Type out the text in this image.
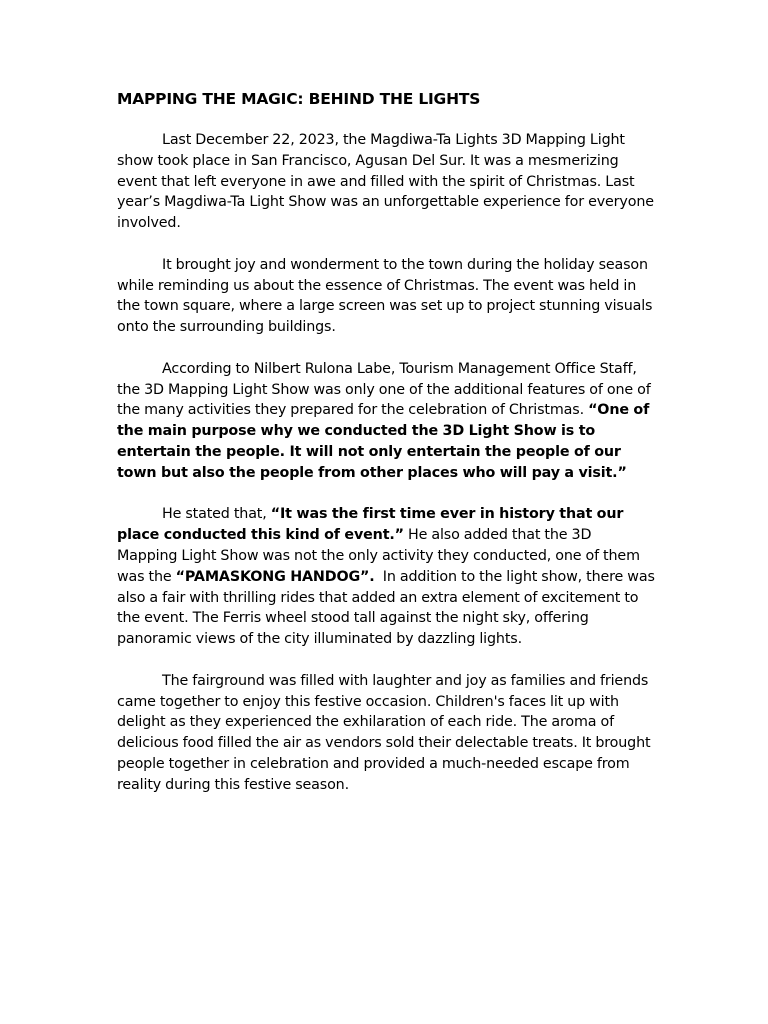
MAPPING THE MAGIC: BEHIND THE LIGHTS

Last December 22, 2023, the Magdiwa-Ta Lights 3D Mapping Light show took place in San Francisco, Agusan Del Sur. It was a mesmerizing event that left everyone in awe and filled with the spirit of Christmas. Last year’s Magdiwa-Ta Light Show was an unforgettable experience for everyone involved.

It brought joy and wonderment to the town during the holiday season while reminding us about the essence of Christmas. The event was held in the town square, where a large screen was set up to project stunning visuals onto the surrounding buildings.

According to Nilbert Rulona Labe, Tourism Management Office Staff, the 3D Mapping Light Show was only one of the additional features of one of the many activities they prepared for the celebration of Christmas. “One of the main purpose why we conducted the 3D Light Show is to entertain the people. It will not only entertain the people of our town but also the people from other places who will pay a visit.”

He stated that, “It was the first time ever in history that our place conducted this kind of event.” He also added that the 3D Mapping Light Show was not the only activity they conducted, one of them was the “PAMASKONG HANDOG”.  In addition to the light show, there was also a fair with thrilling rides that added an extra element of excitement to the event. The Ferris wheel stood tall against the night sky, offering panoramic views of the city illuminated by dazzling lights.

The fairground was filled with laughter and joy as families and friends came together to enjoy this festive occasion. Children's faces lit up with delight as they experienced the exhilaration of each ride. The aroma of delicious food filled the air as vendors sold their delectable treats. It brought people together in celebration and provided a much-needed escape from reality during this festive season.
